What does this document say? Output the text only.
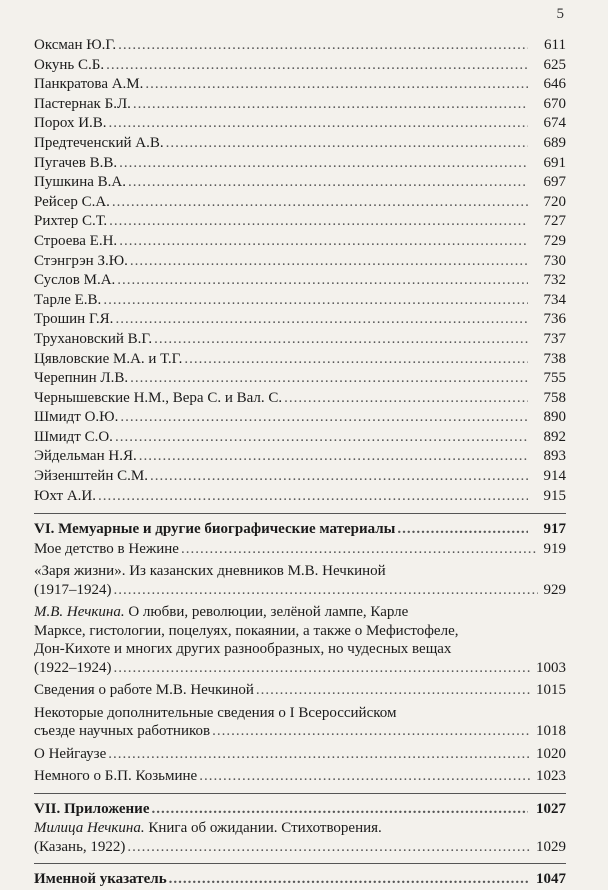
5
Оксман Ю.Г. .....	611
Окунь С.Б. .....	625
Панкратова А.М. .....	646
Пастернак Б.Л. .....	670
Порох И.В. .....	674
Предтеченский А.В. .....	689
Пугачев В.В. .....	691
Пушкина В.А. .....	697
Рейсер С.А. .....	720
Рихтер С.Т. .....	727
Строева Е.Н. .....	729
Стэнгрэн З.Ю. .....	730
Суслов М.А. .....	732
Тарле Е.В. .....	734
Трошин Г.Я. .....	736
Трухановский В.Г. .....	737
Цявловские М.А. и Т.Г. .....	738
Черепнин Л.В. .....	755
Чернышевские Н.М., Вера С. и Вал. С. .....	758
Шмидт О.Ю. .....	890
Шмидт С.О. .....	892
Эйдельман Н.Я. .....	893
Эйзенштейн С.М. .....	914
Юхт А.И. .....	915
VI. Мемуарные и другие биографические материалы .....	917
Мое детство в Нежине .....	919
«Заря жизни». Из казанских дневников М.В. Нечкиной
(1917–1924) .....	929
М.В. Нечкина. О любви, революции, зелёной лампе, Карле
Марксе, гистологии, поцелуях, покаянии, а также о Мефистофеле,
Дон-Кихоте и многих других разнообразных, но чудесных вещах
(1922–1924) .....	1003
Сведения о работе М.В. Нечкиной .....	1015
Некоторые дополнительные сведения о I Всероссийском
съезде научных работников .....	1018
О Нейгаузе .....	1020
Немного о Б.П. Козьмине .....	1023
VII. Приложение .....	1027
Милица Нечкина. Книга об ожидании. Стихотворения.
(Казань, 1922) .....	1029
Именной указатель .....	1047
